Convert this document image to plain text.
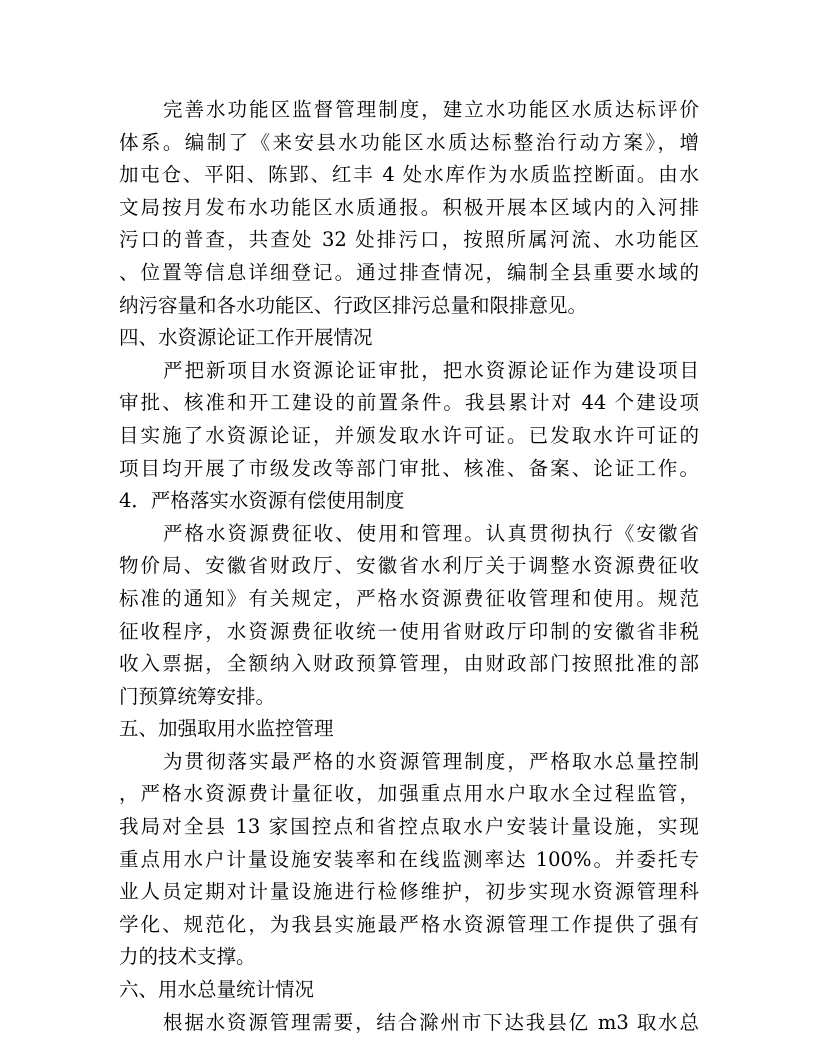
完善水功能区监督管理制度，建立水功能区水质达标评价
体系。编制了《来安县水功能区水质达标整治行动方案》，增
加屯仓、平阳、陈郢、红丰 4 处水库作为水质监控断面。由水
文局按月发布水功能区水质通报。积极开展本区域内的入河排
污口的普查，共查处 32 处排污口，按照所属河流、水功能区
、位置等信息详细登记。通过排查情况，编制全县重要水域的
纳污容量和各水功能区、行政区排污总量和限排意见。
四、水资源论证工作开展情况
严把新项目水资源论证审批，把水资源论证作为建设项目
审批、核准和开工建设的前置条件。我县累计对 44 个建设项
目实施了水资源论证，并颁发取水许可证。已发取水许可证的
项目均开展了市级发改等部门审批、核准、备案、论证工作。
4．严格落实水资源有偿使用制度
严格水资源费征收、使用和管理。认真贯彻执行《安徽省
物价局、安徽省财政厅、安徽省水利厅关于调整水资源费征收
标准的通知》有关规定，严格水资源费征收管理和使用。规范
征收程序，水资源费征收统一使用省财政厅印制的安徽省非税
收入票据，全额纳入财政预算管理，由财政部门按照批准的部
门预算统筹安排。
五、加强取用水监控管理
为贯彻落实最严格的水资源管理制度，严格取水总量控制
，严格水资源费计量征收，加强重点用水户取水全过程监管，
我局对全县 13 家国控点和省控点取水户安装计量设施，实现
重点用水户计量设施安装率和在线监测率达 100%。并委托专
业人员定期对计量设施进行检修维护，初步实现水资源管理科
学化、规范化，为我县实施最严格水资源管理工作提供了强有
力的技术支撑。
六、用水总量统计情况
根据水资源管理需要，结合滁州市下达我县亿 m3 取水总
